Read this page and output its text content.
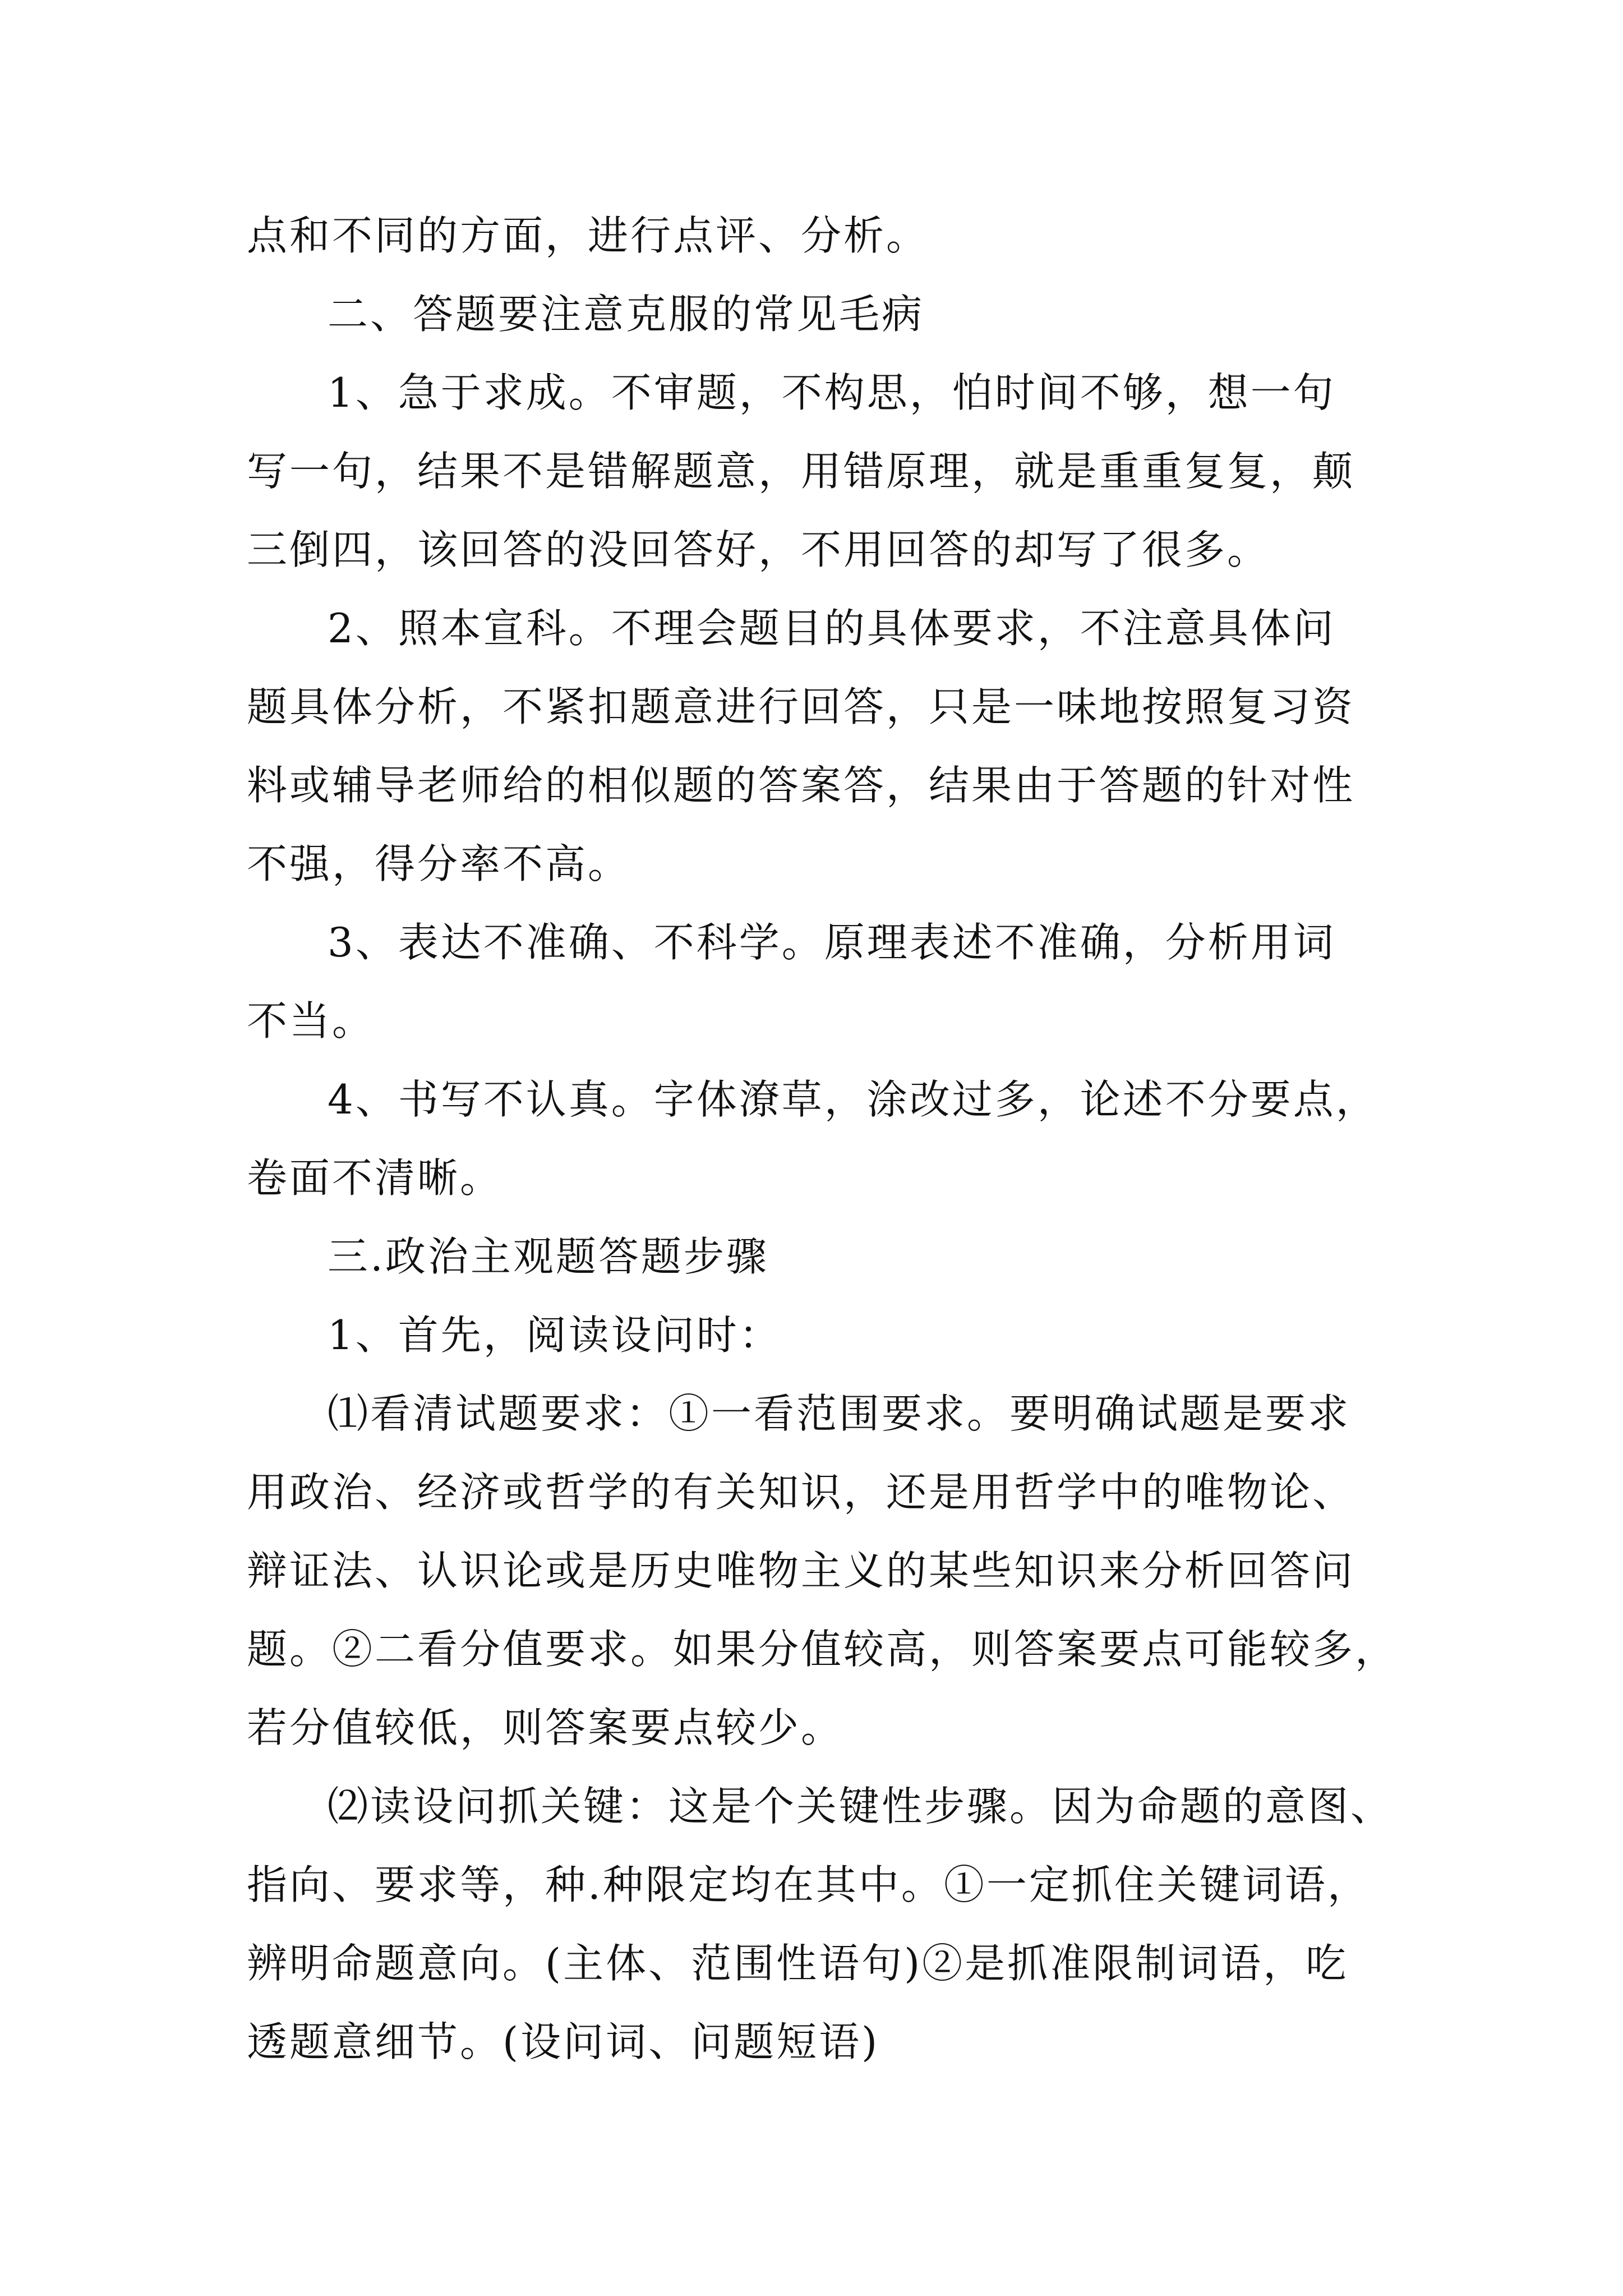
点和不同的方面，进行点评、分析。
二、答题要注意克服的常见毛病
1、急于求成。不审题，不构思，怕时间不够，想一句
写一句，结果不是错解题意，用错原理，就是重重复复，颠
三倒四，该回答的没回答好，不用回答的却写了很多。
2、照本宣科。不理会题目的具体要求，不注意具体问
题具体分析，不紧扣题意进行回答，只是一味地按照复习资
料或辅导老师给的相似题的答案答，结果由于答题的针对性
不强，得分率不高。
3、表达不准确、不科学。原理表述不准确，分析用词
不当。
4、书写不认真。字体潦草，涂改过多，论述不分要点，
卷面不清晰。
三.政治主观题答题步骤
1、首先，阅读设问时：
⑴看清试题要求：①一看范围要求。要明确试题是要求
用政治、经济或哲学的有关知识，还是用哲学中的唯物论、
辩证法、认识论或是历史唯物主义的某些知识来分析回答问
题。②二看分值要求。如果分值较高，则答案要点可能较多，
若分值较低，则答案要点较少。
⑵读设问抓关键：这是个关键性步骤。因为命题的意图、
指向、要求等，种.种限定均在其中。①一定抓住关键词语，
辨明命题意向。(主体、范围性语句)②是抓准限制词语，吃
透题意细节。(设问词、问题短语)
